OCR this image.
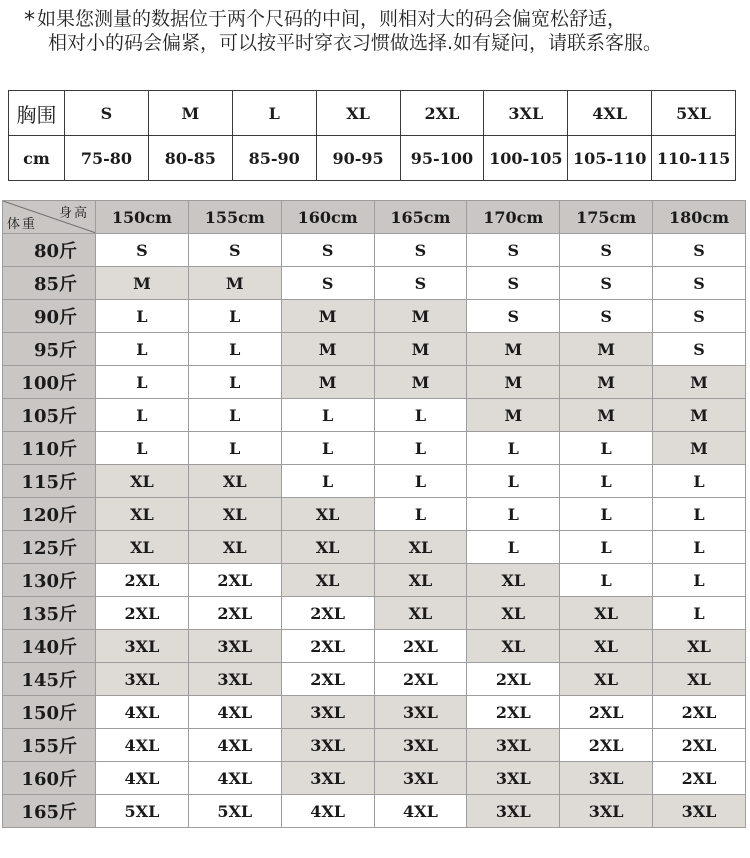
* 如果您测量的数据位于两个尺码的中间，则相对大的码会偏宽松舒适，
相对小的码会偏紧，可以按平时穿衣习惯做选择.如有疑问，请联系客服。
胸围	S	M	L	XL	2XL	3XL	4XL	5XL
cm	75-80	80-85	85-90	90-95	95-100	100-105	105-110	110-115
身高
体重	150cm	155cm	160cm	165cm	170cm	175cm	180cm
80斤	S	S	S	S	S	S	S
85斤	M	M	S	S	S	S	S
90斤	L	L	M	M	S	S	S
95斤	L	L	M	M	M	M	S
100斤	L	L	M	M	M	M	M
105斤	L	L	L	L	M	M	M
110斤	L	L	L	L	L	L	M
115斤	XL	XL	L	L	L	L	L
120斤	XL	XL	XL	L	L	L	L
125斤	XL	XL	XL	XL	L	L	L
130斤	2XL	2XL	XL	XL	XL	L	L
135斤	2XL	2XL	2XL	XL	XL	XL	L
140斤	3XL	3XL	2XL	2XL	XL	XL	XL
145斤	3XL	3XL	2XL	2XL	2XL	XL	XL
150斤	4XL	4XL	3XL	3XL	2XL	2XL	2XL
155斤	4XL	4XL	3XL	3XL	3XL	2XL	2XL
160斤	4XL	4XL	3XL	3XL	3XL	3XL	2XL
165斤	5XL	5XL	4XL	4XL	3XL	3XL	3XL
